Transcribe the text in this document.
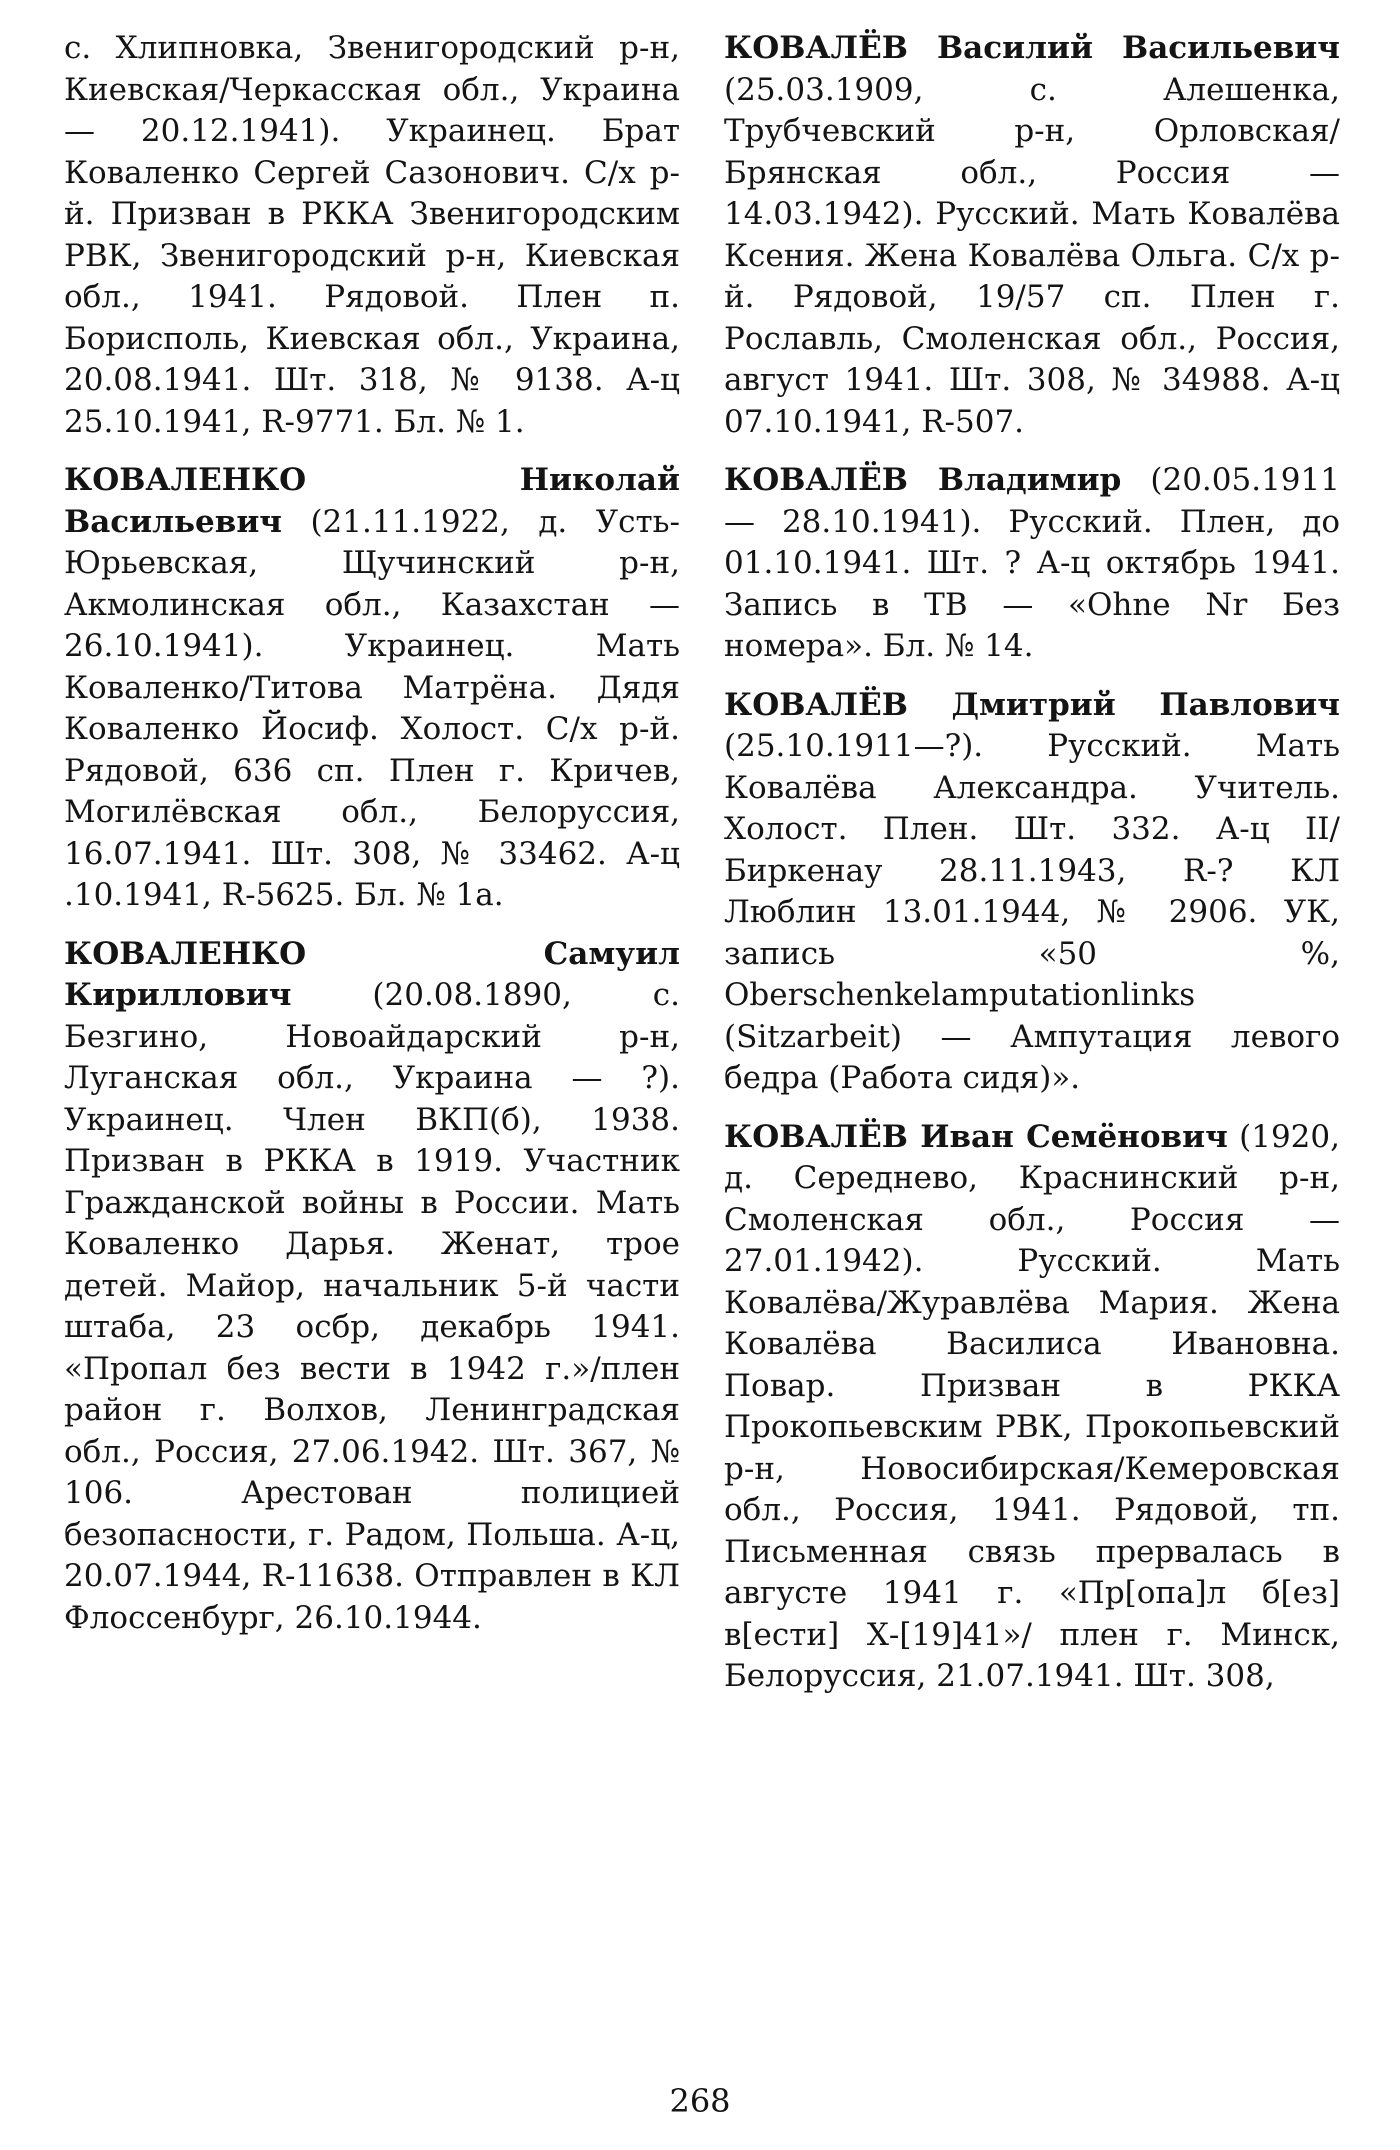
с. Хлипновка, Звенигородский р-н, Киевская/Черкасская обл., Украина — 20.12.1941). Украинец. Брат Коваленко Сергей Сазонович. С/х р-й. Призван в РККА Звенигородским РВК, Звенигородский р-н, Киевская обл., 1941. Рядовой. Плен п. Борисполь, Киевская обл., Украина, 20.08.1941. Шт. 318, № 9138. А-ц 25.10.1941, R-9771. Бл. № 1.

КОВАЛЕНКО Николай Васильевич (21.11.1922, д. Усть-Юрьевская, Щучинский р-н, Акмолинская обл., Казахстан — 26.10.1941). Украинец. Мать Коваленко/Титова Матрёна. Дядя Коваленко Йосиф. Холост. С/х р-й. Рядовой, 636 сп. Плен г. Кричев, Могилёвская обл., Белоруссия, 16.07.1941. Шт. 308, № 33462. А-ц .10.1941, R-5625. Бл. № 1а.

КОВАЛЕНКО Самуил Кириллович (20.08.1890, с. Безгино, Новоайдарский р-н, Луганская обл., Украина — ?). Украинец. Член ВКП(б), 1938. Призван в РККА в 1919. Участник Гражданской войны в России. Мать Коваленко Дарья. Женат, трое детей. Майор, начальник 5-й части штаба, 23 осбр, декабрь 1941. «Пропал без вести в 1942 г.»/плен район г. Волхов, Ленинградская обл., Россия, 27.06.1942. Шт. 367, № 106. Арестован полицией безопасности, г. Радом, Польша. А-ц, 20.07.1944, R-11638. Отправлен в КЛ Флоссенбург, 26.10.1944.

КОВАЛЁВ Василий Васильевич (25.03.1909, с. Алешенка, Трубчевский р-н, Орловская/Брянская обл., Россия — 14.03.1942). Русский. Мать Ковалёва Ксения. Жена Ковалёва Ольга. С/х р-й. Рядовой, 19/57 сп. Плен г. Рославль, Смоленская обл., Россия, август 1941. Шт. 308, № 34988. А-ц 07.10.1941, R-507.

КОВАЛЁВ Владимир (20.05.1911 — 28.10.1941). Русский. Плен, до 01.10.1941. Шт. ? А-ц октябрь 1941. Запись в ТВ — «Ohne Nr Без номера». Бл. № 14.

КОВАЛЁВ Дмитрий Павлович (25.10.1911—?). Русский. Мать Ковалёва Александра. Учитель. Холост. Плен. Шт. 332. А-ц II/Биркенау 28.11.1943, R-? КЛ Люблин 13.01.1944, № 2906. УК, запись «50 %, Oberschenkelamputationlinks (Sitzarbeit) — Ампутация левого бедра (Работа сидя)».

КОВАЛЁВ Иван Семёнович (1920, д. Середнево, Краснинский р-н, Смоленская обл., Россия — 27.01.1942). Русский. Мать Ковалёва/Журавлёва Мария. Жена Ковалёва Василиса Ивановна. Повар. Призван в РККА Прокопьевским РВК, Прокопьевский р-н, Новосибирская/Кемеровская обл., Россия, 1941. Рядовой, тп. Письменная связь прервалась в августе 1941 г. «Пр[опа]л б[ез] в[ести] Х-[19]41»/ плен г. Минск, Белоруссия, 21.07.1941. Шт. 308,

268
